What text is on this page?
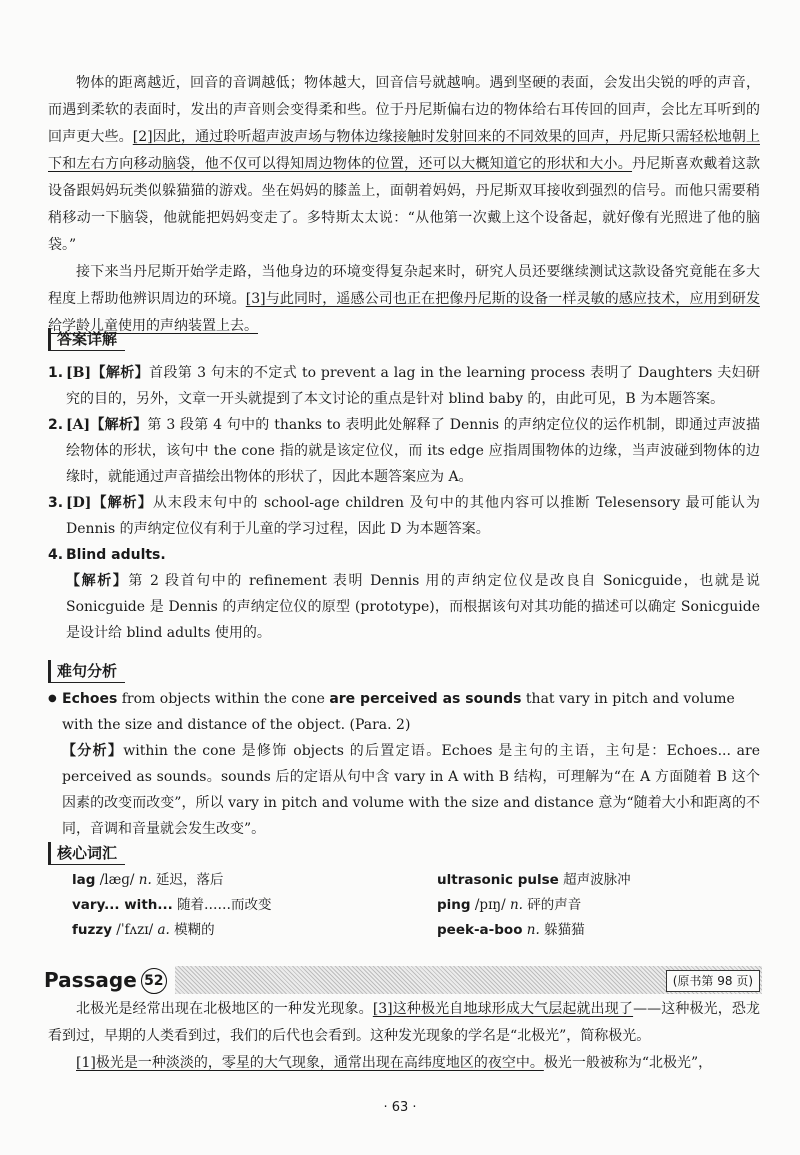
物体的距离越近，回音的音调越低；物体越大，回音信号就越响。遇到坚硬的表面，会发出尖锐的呼的声音，而遇到柔软的表面时，发出的声音则会变得柔和些。位于丹尼斯偏右边的物体给右耳传回的回声，会比左耳听到的回声更大些。[2]因此，通过聆听超声波声场与物体边缘接触时发射回来的不同效果的回声，丹尼斯只需轻松地朝上下和左右方向移动脑袋，他不仅可以得知周边物体的位置，还可以大概知道它的形状和大小。丹尼斯喜欢戴着这款设备跟妈妈玩类似躲猫猫的游戏。坐在妈妈的膝盖上，面朝着妈妈，丹尼斯双耳接收到强烈的信号。而他只需要稍稍移动一下脑袋，他就能把妈妈变走了。多特斯太太说：“从他第一次戴上这个设备起，就好像有光照进了他的脑袋。”

接下来当丹尼斯开始学走路，当他身边的环境变得复杂起来时，研究人员还要继续测试这款设备究竟能在多大程度上帮助他辨识周边的环境。[3]与此同时，遥感公司也正在把像丹尼斯的设备一样灵敏的感应技术，应用到研发给学龄儿童使用的声纳装置上去。

答案详解
1. [B]【解析】首段第 3 句末的不定式 to prevent a lag in the learning process 表明了 Daughters 夫妇研究的目的，另外，文章一开头就提到了本文讨论的重点是针对 blind baby 的，由此可见，B 为本题答案。
2. [A]【解析】第 3 段第 4 句中的 thanks to 表明此处解释了 Dennis 的声纳定位仪的运作机制，即通过声波描绘物体的形状，该句中 the cone 指的就是该定位仪，而 its edge 应指周围物体的边缘，当声波碰到物体的边缘时，就能通过声音描绘出物体的形状了，因此本题答案应为 A。
3. [D]【解析】从末段末句中的 school-age children 及句中的其他内容可以推断 Telesensory 最可能认为 Dennis 的声纳定位仪有利于儿童的学习过程，因此 D 为本题答案。
4. Blind adults.
【解析】第 2 段首句中的 refinement 表明 Dennis 用的声纳定位仪是改良自 Sonicguide，也就是说 Sonicguide 是 Dennis 的声纳定位仪的原型 (prototype)，而根据该句对其功能的描述可以确定 Sonicguide 是设计给 blind adults 使用的。
难句分析
● Echoes from objects within the cone are perceived as sounds that vary in pitch and volume with the size and distance of the object. (Para. 2)
【分析】within the cone 是修饰 objects 的后置定语。Echoes 是主句的主语，主句是：Echoes... are perceived as sounds。sounds 后的定语从句中含 vary in A with B 结构，可理解为“在 A 方面随着 B 这个因素的改变而改变”，所以 vary in pitch and volume with the size and distance 意为“随着大小和距离的不同，音调和音量就会发生改变”。
核心词汇
lag /læɡ/ n. 延迟，落后
vary... with... 随着……而改变
fuzzy /ˈfʌzɪ/ a. 模糊的
ultrasonic pulse 超声波脉冲
ping /pɪŋ/ n. 砰的声音
peek-a-boo n. 躲猫猫
Passage 52	(原书第 98 页)

北极光是经常出现在北极地区的一种发光现象。[3]这种极光自地球形成大气层起就出现了——这种极光，恐龙看到过，早期的人类看到过，我们的后代也会看到。这种发光现象的学名是“北极光”，简称极光。

[1]极光是一种淡淡的，零星的大气现象，通常出现在高纬度地区的夜空中。极光一般被称为“北极光”，

· 63 ·
